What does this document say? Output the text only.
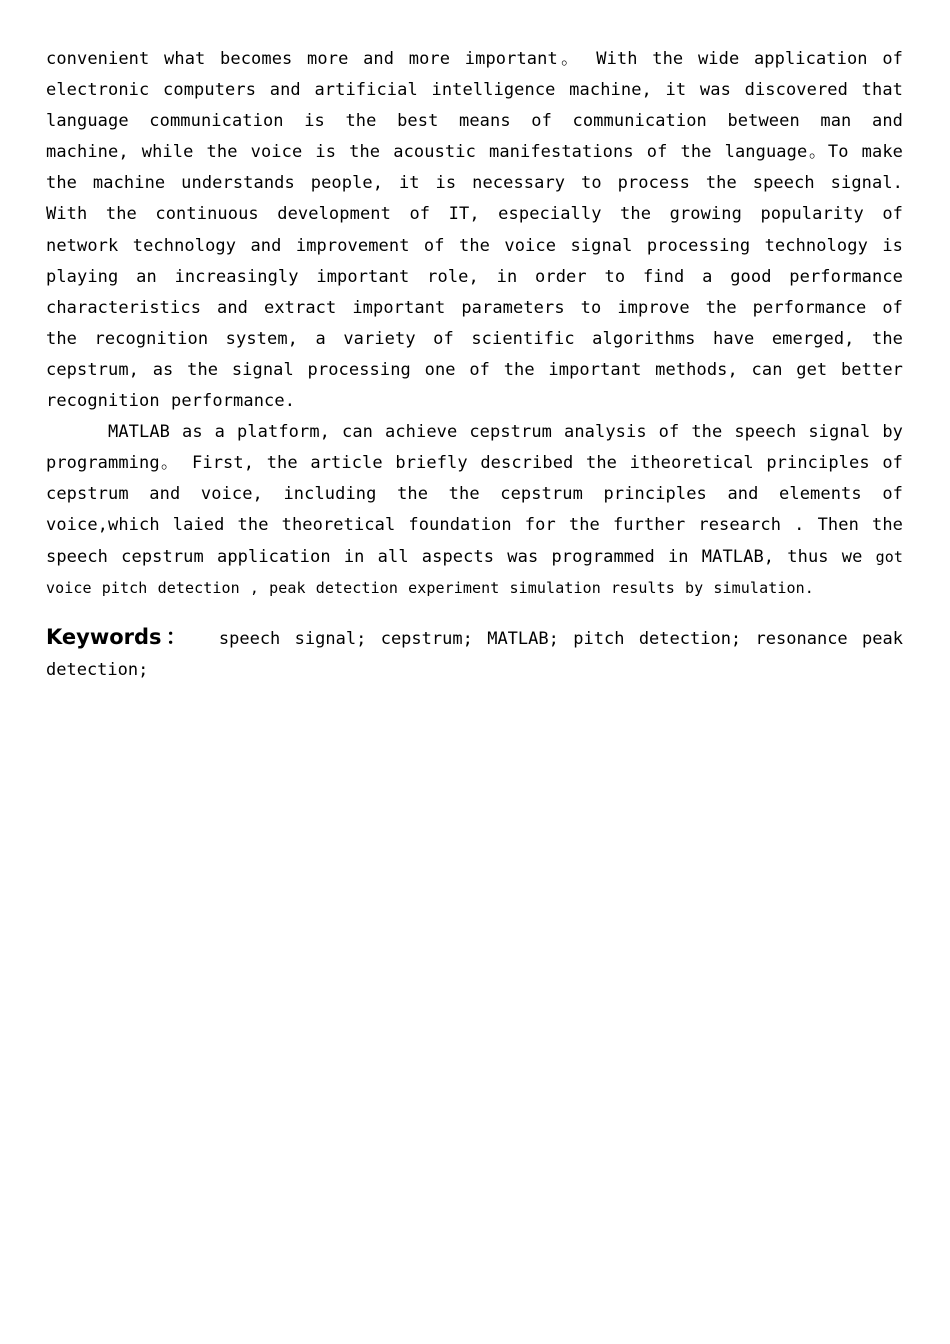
convenient what becomes more and more important。 With the wide application of electronic computers and artificial intelligence machine, it was discovered that language communication is the best means of communication between man and machine, while the voice is the acoustic manifestations of the language。To make the machine understands people, it is necessary to process the speech signal. With the continuous development of IT, especially the growing popularity of network technology and improvement of the voice signal processing technology is playing an increasingly important role, in order to find a good performance characteristics and extract important parameters to improve the performance of the recognition system, a variety of scientific algorithms have emerged, the cepstrum, as the signal processing one of the important methods, can get better recognition performance.

MATLAB as a platform, can achieve cepstrum analysis of the speech signal by programming。 First, the article briefly described the itheoretical principles of cepstrum and voice, including the the cepstrum principles and elements of voice,which laied the theoretical foundation for the further research . Then the speech cepstrum application in all aspects was programmed in MATLAB, thus we got voice pitch detection , peak detection experiment simulation results by simulation.

Keywords： speech signal; cepstrum; MATLAB; pitch detection; resonance peak detection;
